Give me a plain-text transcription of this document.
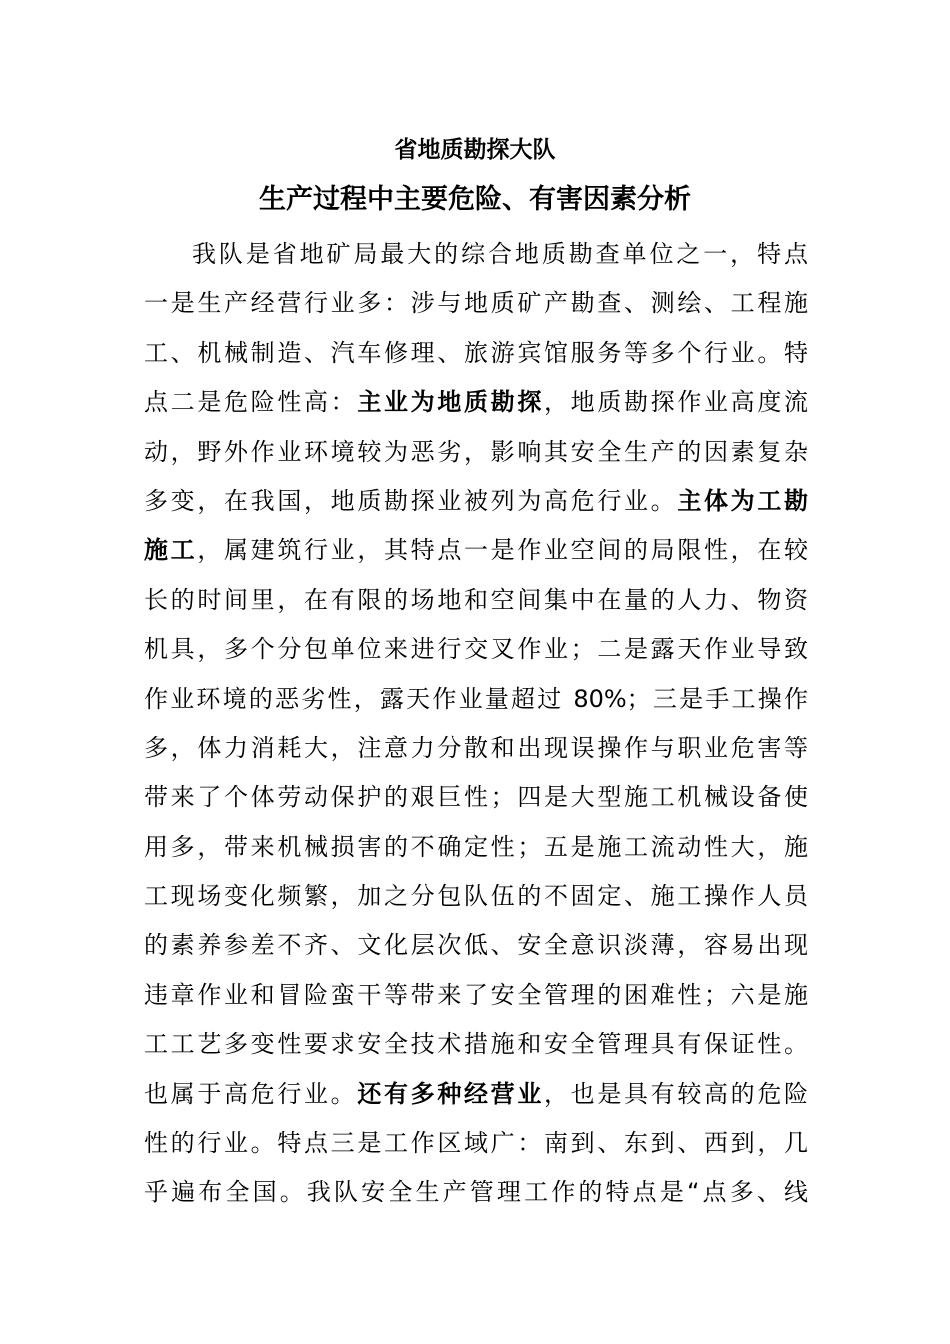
省地质勘探大队
生产过程中主要危险、有害因素分析
我队是省地矿局最大的综合地质勘查单位之一，特点
一是生产经营行业多：涉与地质矿产勘查、测绘、工程施
工、机械制造、汽车修理、旅游宾馆服务等多个行业。特
点二是危险性高：主业为地质勘探，地质勘探作业高度流
动，野外作业环境较为恶劣，影响其安全生产的因素复杂
多变，在我国，地质勘探业被列为高危行业。主体为工勘
施工，属建筑行业，其特点一是作业空间的局限性，在较
长的时间里，在有限的场地和空间集中在量的人力、物资
机具，多个分包单位来进行交叉作业；二是露天作业导致
作业环境的恶劣性，露天作业量超过 80%；三是手工操作
多，体力消耗大，注意力分散和出现误操作与职业危害等
带来了个体劳动保护的艰巨性；四是大型施工机械设备使
用多，带来机械损害的不确定性；五是施工流动性大，施
工现场变化频繁，加之分包队伍的不固定、施工操作人员
的素养参差不齐、文化层次低、安全意识淡薄，容易出现
违章作业和冒险蛮干等带来了安全管理的困难性；六是施
工工艺多变性要求安全技术措施和安全管理具有保证性。
也属于高危行业。还有多种经营业，也是具有较高的危险
性的行业。特点三是工作区域广：南到、东到、西到，几
乎遍布全国。我队安全生产管理工作的特点是“点多、线
